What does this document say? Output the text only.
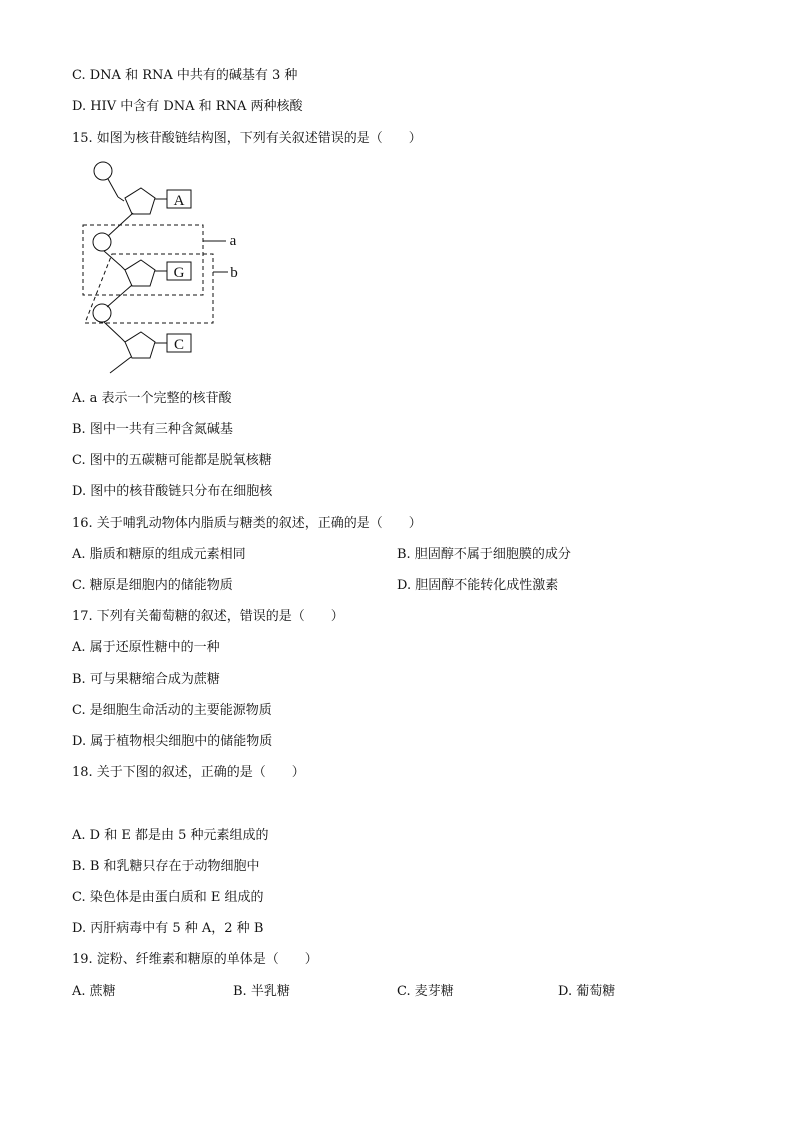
C. DNA 和 RNA 中共有的碱基有 3 种
D. HIV 中含有 DNA 和 RNA 两种核酸
15. 如图为核苷酸链结构图，下列有关叙述错误的是（　　）
A
G
C
a
b
A. a 表示一个完整的核苷酸
B. 图中一共有三种含氮碱基
C. 图中的五碳糖可能都是脱氧核糖
D. 图中的核苷酸链只分布在细胞核
16. 关于哺乳动物体内脂质与糖类的叙述，正确的是（　　）
A. 脂质和糖原的组成元素相同	B. 胆固醇不属于细胞膜的成分
C. 糖原是细胞内的储能物质	D. 胆固醇不能转化成性激素
17. 下列有关葡萄糖的叙述，错误的是（　　）
A. 属于还原性糖中的一种
B. 可与果糖缩合成为蔗糖
C. 是细胞生命活动的主要能源物质
D. 属于植物根尖细胞中的储能物质
18. 关于下图的叙述，正确的是（　　）
A. D 和 E 都是由 5 种元素组成的
B. B 和乳糖只存在于动物细胞中
C. 染色体是由蛋白质和 E 组成的
D. 丙肝病毒中有 5 种 A，2 种 B
19. 淀粉、纤维素和糖原的单体是（　　）
A. 蔗糖	B. 半乳糖	C. 麦芽糖	D. 葡萄糖
